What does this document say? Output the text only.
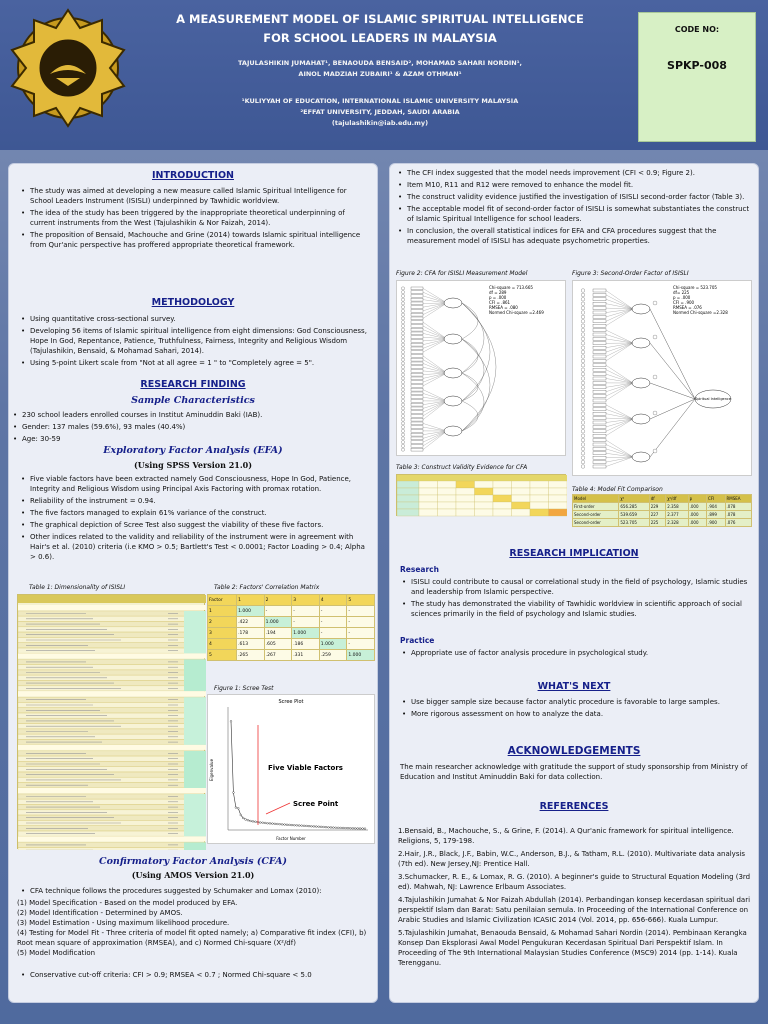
A MEASUREMENT MODEL OF ISLAMIC SPIRITUAL INTELLIGENCE
FOR SCHOOL LEADERS IN MALAYSIA
TAJULASHIKIN JUMAHAT¹, BENAOUDA BENSAID², MOHAMAD SAHARI NORDIN¹,
AINOL MADZIAH ZUBAIRI¹ & AZAM OTHMAN¹
¹KULIYYAH OF EDUCATION, INTERNATIONAL ISLAMIC UNIVERSITY MALAYSIA
²EFFAT UNIVERSITY, JEDDAH, SAUDI ARABIA
(tajulashikin@iab.edu.my)
CODE NO:
SPKP-008
INTRODUCTION
• The study was aimed at developing a new measure called Islamic Spiritual Intelligence for School Leaders Instrument (ISISLI) underpinned by Tawhidic worldview.
• The idea of the study has been triggered by the inappropriate theoretical underpinning of current instruments from the West (Tajulashikin & Nor Faizah, 2014).
• The proposition of Bensaid, Machouche and Grine (2014) towards Islamic spiritual intelligence from Qur'anic perspective has proffered appropriate theoretical framework.
METHODOLOGY
• Using quantitative cross-sectional survey.
• Developing 56 items of Islamic spiritual intelligence from eight dimensions: God Consciousness, Hope In God, Repentance, Patience, Truthfulness, Fairness, Integrity and Religious Wisdom (Tajulashikin, Bensaid, & Mohamad Sahari, 2014).
• Using 5-point Likert scale from "Not at all agree = 1 " to "Completely agree = 5".
RESEARCH FINDING
Sample Characteristics
• 230 school leaders enrolled courses in Institut Aminuddin Baki (IAB).
• Gender: 137 males (59.6%), 93 males (40.4%)
• Age: 30-59
Exploratory Factor Analysis (EFA)
(Using SPSS Version 21.0)
• Five viable factors have been extracted namely God Consciousness, Hope In God, Patience, Integrity and Religious Wisdom using Principal Axis Factoring with promax rotation.
• Reliability of the instrument = 0.94.
• The five factors managed to explain 61% variance of the construct.
• The graphical depiction of Scree Test also suggest the viability of these five factors.
• Other indices related to the validity and reliability of the instrument were in agreement with Hair's et al. (2010) criteria (i.e KMO > 0.5; Bartlett's Test < 0.0001; Factor Loading > 0.4; Alpha > 0.6).
Table 1: Dimensionality of ISISLI	Table 2: Factors' Correlation Matrix
Factor	1	2	3	4	5
1	1.000	-	-	-	-
2	.422	1.000	-	-	-
3	.178	.194	1.000	-	-
4	.613	.605	.186	1.000	-
5	.265	.267	.331	.259	1.000
Figure 1: Scree Test
Scree Plot
Factor Number
Eigenvalue	Five Viable Factors
Scree Point
Confirmatory Factor Analysis (CFA)
(Using AMOS Version 21.0)
• CFA technique follows the procedures suggested by Schumaker and Lomax (2010):
(1) Model Specification - Based on the model produced by EFA.
(2) Model Identification - Determined by AMOS.
(3) Model Estimation - Using maximum likelihood procedure.
(4) Testing for Model Fit - Three criteria of model fit opted namely; a) Comparative fit index (CFI), b) Root mean square of approximation (RMSEA), and c) Normed Chi-square (X²/df)
(5) Model Modification
• Conservative cut-off criteria: CFI > 0.9; RMSEA < 0.7 ; Normed Chi-square < 5.0
• The CFI index suggested that the model needs improvement (CFI < 0.9; Figure 2).
• Item M10, R11 and R12 were removed to enhance the model fit.
• The construct validity evidence justified the investigation of ISISLI second-order factor (Table 3).
• The acceptable model fit of second-order factor of ISISLI is somewhat substantiates the construct of Islamic Spiritual Intelligence for school leaders.
• In conclusion, the overall statistical indices for EFA and CFA procedures suggest that the measurement model of ISISLI has adequate psychometric properties.
Figure 2: CFA for ISISLI Measurement Model
Chi-square = 713.665
df = 289
p = .000
CFI = .861
RMSEA = .080
Normed Chi-square =2.469
Figure 3: Second-Order Factor of ISISLI
Spiritual Intelligence
Chi-square = 523.705
df= 225
p = .000
CFI = .900
RMSEA = .076
Normed Chi-square =2.328
Table 3: Construct Validity Evidence for CFA
Table 4: Model Fit Comparison
Model	χ²	df	χ²/df	p	CFI	RMSEA
First-order	656.285	229	2.358	.000	.904	.078
Second-order	539.659	227	2.377	.000	.899	.078
Second-order	523.705	225	2.328	.000	.900	.076
RESEARCH IMPLICATION
Research
• ISISLI could contribute to causal or correlational study in the field of psychology, Islamic studies and leadership from Islamic perspective.
• The study has demonstrated the viability of Tawhidic worldview in scientific approach of social sciences primarily in the field of psychology and Islamic studies.
Practice
• Appropriate use of factor analysis procedure in psychological study.
WHAT'S NEXT
• Use bigger sample size because factor analytic procedure is favorable to large samples.
• More rigorous assessment on how to analyze the data.
ACKNOWLEDGEMENTS
The main researcher acknowledge with gratitude the support of study sponsorship from Ministry of Education and Institut Aminuddin Baki for data collection.
REFERENCES
1.Bensaid, B., Machouche, S., & Grine, F. (2014). A Qur'anic framework for spiritual intelligence. Religions, 5, 179-198.
2.Hair, J.R., Black, J.F., Babin, W.C., Anderson, B.J., & Tatham, R.L. (2010). Multivariate data analysis (7th ed). New Jersey,NJ: Prentice Hall.
3.Schumacker, R. E., & Lomax, R. G. (2010). A beginner's guide to Structural Equation Modeling (3rd ed). Mahwah, NJ: Lawrence Erlbaum Associates.
4.Tajulashikin Jumahat & Nor Faizah Abdullah (2014). Perbandingan konsep kecerdasan spiritual dari perspektif Islam dan Barat: Satu penilaian semula. In Proceeding of the International Conference on Arabic Studies and Islamic Civilization ICASIC 2014 (Vol. 2014, pp. 656-666). Kuala Lumpur.
5.Tajulashikin Jumahat, Benaouda Bensaid, & Mohamad Sahari Nordin (2014). Pembinaan Kerangka Konsep Dan Eksplorasi Awal Model Pengukuran Kecerdasan Spiritual Dari Perspektif Islam. In Proceeding of The 9th International Malaysian Studies Conference (MSC9) 2014 (pp. 1-14). Kuala Terengganu.
